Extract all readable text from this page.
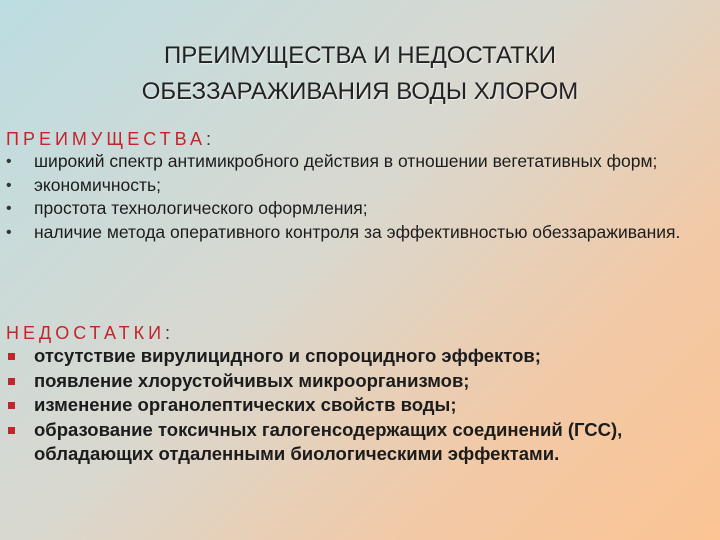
ПРЕИМУЩЕСТВА И НЕДОСТАТКИ
ОБЕЗЗАРАЖИВАНИЯ ВОДЫ ХЛОРОМ
ПРЕИМУЩЕСТВА:
• широкий спектр антимикробного действия в отношении вегетативных форм;
• экономичность;
• простота технологического оформления;
• наличие метода оперативного контроля за эффективностью обеззараживания.
НЕДОСТАТКИ:
отсутствие вирулицидного и спороцидного эффектов;
появление хлорустойчивых микроорганизмов;
изменение органолептических свойств воды;
образование токсичных галогенсодержащих соединений (ГСС), обладающих отдаленными биологическими эффектами.
